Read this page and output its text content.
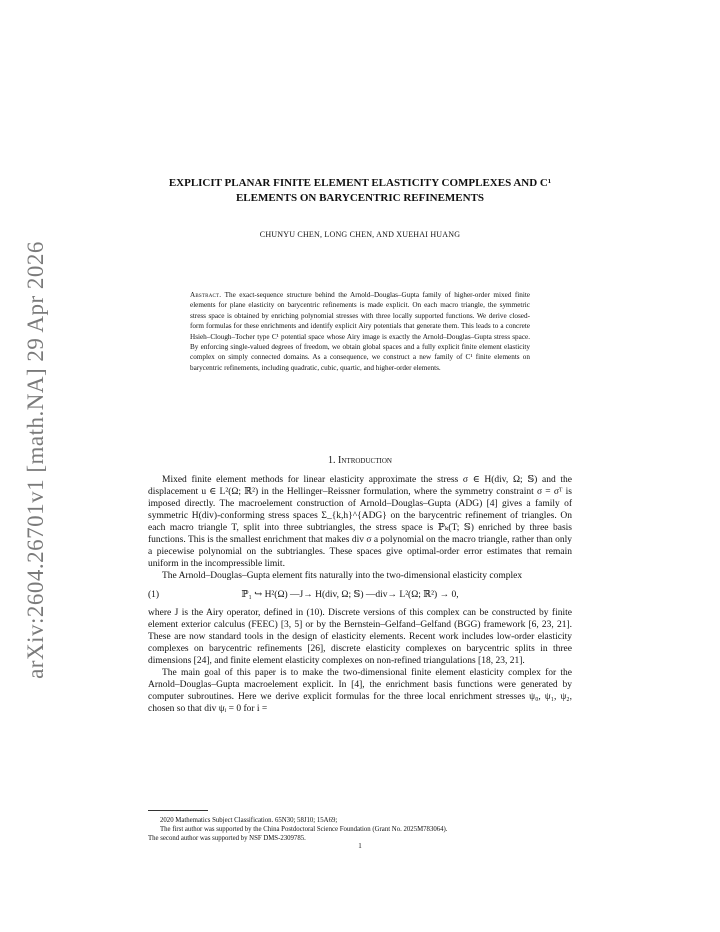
arXiv:2604.26701v1 [math.NA] 29 Apr 2026
EXPLICIT PLANAR FINITE ELEMENT ELASTICITY COMPLEXES AND C¹
ELEMENTS ON BARYCENTRIC REFINEMENTS
CHUNYU CHEN, LONG CHEN, AND XUEHAI HUANG
Abstract. The exact-sequence structure behind the Arnold–Douglas–Gupta family of higher-order mixed finite elements for plane elasticity on barycentric refinements is made explicit. On each macro triangle, the symmetric stress space is obtained by enriching polynomial stresses with three locally supported functions. We derive closed-form formulas for these enrichments and identify explicit Airy potentials that generate them. This leads to a concrete Hsieh–Clough–Tocher type C¹ potential space whose Airy image is exactly the Arnold–Douglas–Gupta stress space. By enforcing single-valued degrees of freedom, we obtain global spaces and a fully explicit finite element elasticity complex on simply connected domains. As a consequence, we construct a new family of C¹ finite elements on barycentric refinements, including quadratic, cubic, quartic, and higher-order elements.
1. Introduction

Mixed finite element methods for linear elasticity approximate the stress σ ∈ H(div, Ω; 𝕊) and the displacement u ∈ L²(Ω; ℝ²) in the Hellinger–Reissner formulation, where the symmetry constraint σ = σᵀ is imposed directly. The macroelement construction of Arnold–Douglas–Gupta (ADG) [4] gives a family of symmetric H(div)-conforming stress spaces Σ_{k,h}^{ADG} on the barycentric refinement of triangles. On each macro triangle T, split into three subtriangles, the stress space is ℙₖ(T; 𝕊) enriched by three basis functions. This is the smallest enrichment that makes div σ a polynomial on the macro triangle, rather than only a piecewise polynomial on the subtriangles. These spaces give optimal-order error estimates that remain uniform in the incompressible limit.

The Arnold–Douglas–Gupta element fits naturally into the two-dimensional elasticity complex

(1)	ℙ₁ ↪ H²(Ω) —J→ H(div, Ω; 𝕊) —div→ L²(Ω; ℝ²) → 0,

where J is the Airy operator, defined in (10). Discrete versions of this complex can be constructed by finite element exterior calculus (FEEC) [3, 5] or by the Bernstein–Gelfand–Gelfand (BGG) framework [6, 23, 21]. These are now standard tools in the design of elasticity elements. Recent work includes low-order elasticity complexes on barycentric refinements [26], discrete elasticity complexes on barycentric splits in three dimensions [24], and finite element elasticity complexes on non-refined triangulations [18, 23, 21].

The main goal of this paper is to make the two-dimensional finite element elasticity complex for the Arnold–Douglas–Gupta macroelement explicit. In [4], the enrichment basis functions were generated by computer subroutines. Here we derive explicit formulas for the three local enrichment stresses ψ₀, ψ₁, ψ₂, chosen so that div ψᵢ = 0 for i =

2020 Mathematics Subject Classification. 65N30; 58J10; 15A69;
The first author was supported by the China Postdoctoral Science Foundation (Grant No. 2025M783064).
The second author was supported by NSF DMS-2309785.
1
